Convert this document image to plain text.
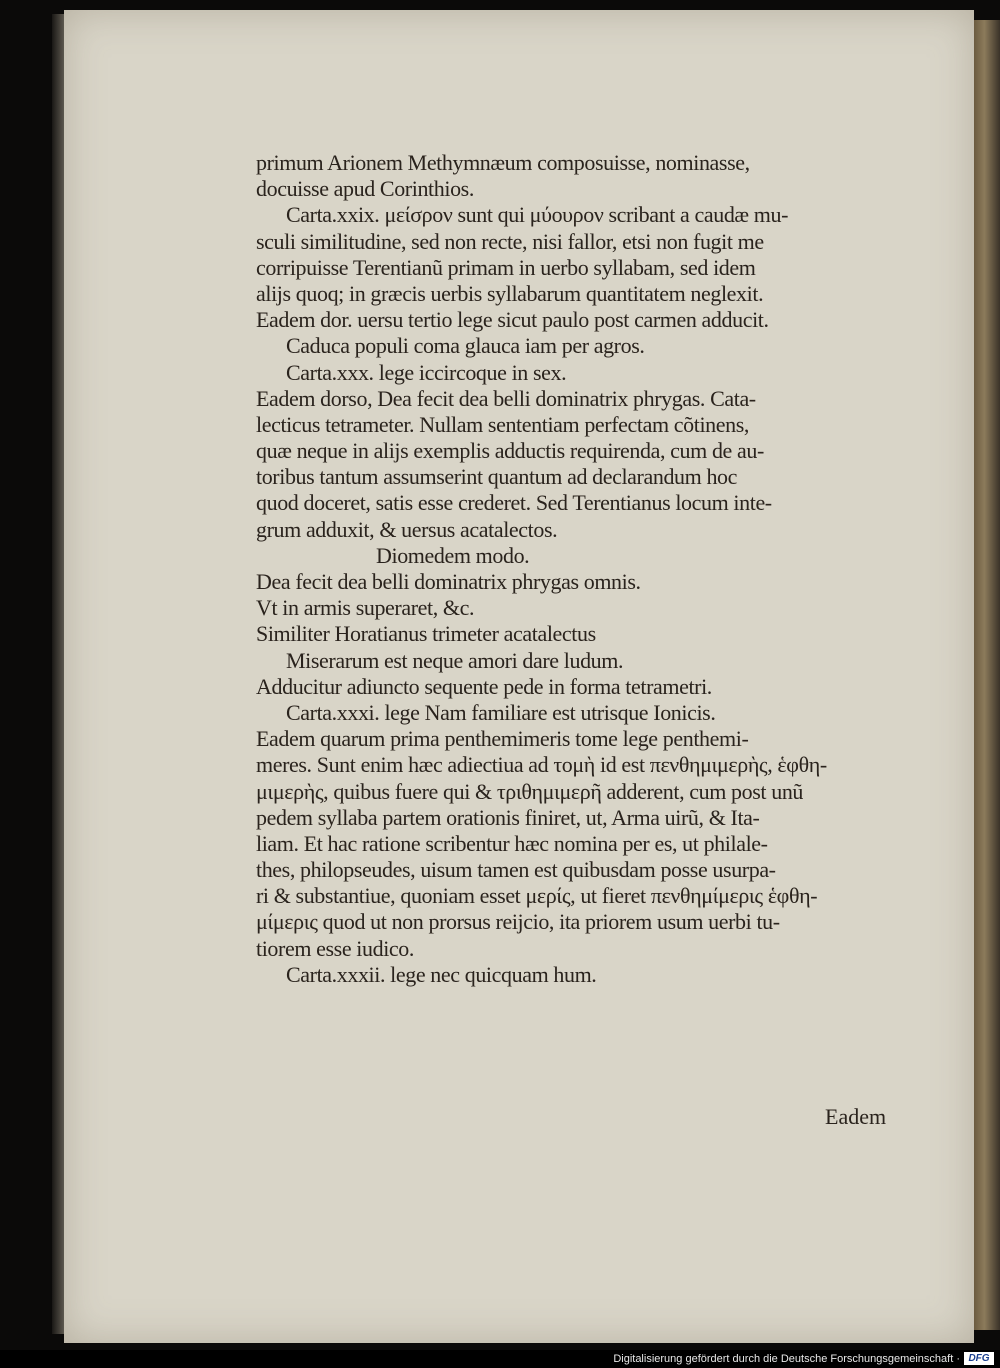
primum Arionem Methymnæum composuisse, nominasse,
docuisse apud Corinthios.
Carta.xxix. μείσρον sunt qui μύουρον scribant a caudæ mu-
sculi similitudine, sed non recte, nisi fallor, etsi non fugit me
corripuisse Terentianũ primam in uerbo syllabam, sed idem
alijs quoq; in græcis uerbis syllabarum quantitatem neglexit.
Eadem dor. uersu tertio lege sicut paulo post carmen adducit.
Caduca populi coma glauca iam per agros.
Carta.xxx. lege iccircoque in sex.
Eadem dorso, Dea fecit dea belli dominatrix phrygas. Cata-
lecticus tetrameter. Nullam sententiam perfectam cõtinens,
quæ neque in alijs exemplis adductis requirenda, cum de au-
toribus tantum assumserint quantum ad declarandum hoc
quod doceret, satis esse crederet. Sed Terentianus locum inte-
grum adduxit, & uersus acatalectos.
Diomedem modo.
Dea fecit dea belli dominatrix phrygas omnis.
Vt in armis superaret, &c.
Similiter Horatianus trimeter acatalectus
Miserarum est neque amori dare ludum.
Adducitur adiuncto sequente pede in forma tetrametri.
Carta.xxxi. lege Nam familiare est utrisque Ionicis.
Eadem quarum prima penthemimeris tome lege penthemi-
meres. Sunt enim hæc adiectiua ad τομὴ id est πενθημιμερὴς, ἑφθη-
μιμερὴς, quibus fuere qui & τριθημιμερῆ adderent, cum post unũ
pedem syllaba partem orationis finiret, ut, Arma uirũ, & Ita-
liam. Et hac ratione scribentur hæc nomina per es, ut philale-
thes, philopseudes, uisum tamen est quibusdam posse usurpa-
ri & substantiue, quoniam esset μερίς, ut fieret πενθημίμερις ἑφθη-
μίμερις quod ut non prorsus reijcio, ita priorem usum uerbi tu-
tiorem esse iudico.
Carta.xxxii. lege nec quicquam hum.
Eadem
Digitalisierung gefördert durch die Deutsche Forschungsgemeinschaft · DFG
